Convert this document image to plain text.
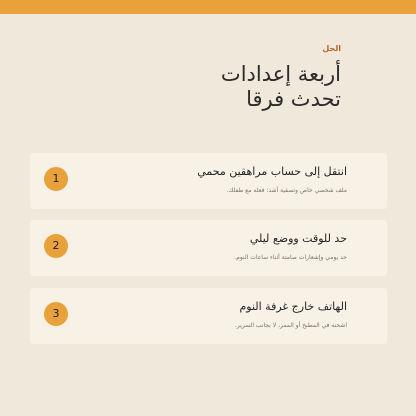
الحل

أربعة إعدادات
تحدث فرقا
1

انتقل إلى حساب مراهقين محمي

ملف شخصي خاص وتصفية أشد: فعله مع طفلك.

2

حد للوقت ووضع ليلي

حد يومي وإشعارات صامتة أثناء ساعات النوم.

3

الهاتف خارج غرفة النوم

اشحنه في المطبخ أو الممر، لا بجانب السرير.
